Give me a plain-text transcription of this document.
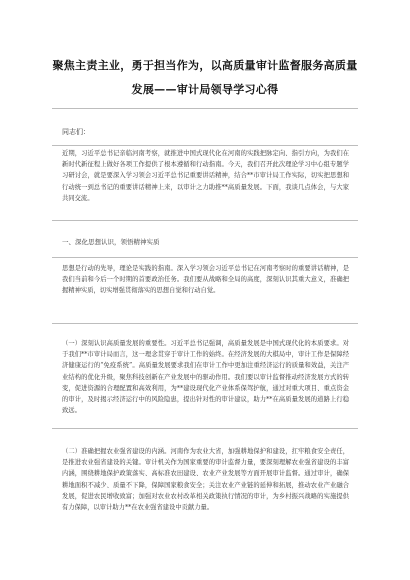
聚焦主责主业，勇于担当作为，以高质量审计监督服务高质量
发展——审计局领导学习心得
同志们：
近期，习近平总书记亲临河南考察，就推进中国式现代化在河南的实践把脉定向、指引方向，为我们在新时代新征程上做好各项工作提供了根本遵循和行动指南。今天，我们召开此次理论学习中心组专题学习研讨会，就是要深入学习领会习近平总书记重要讲话精神，结合**市审计局工作实际，切实把思想和行动统一到总书记的重要讲话精神上来，以审计之力助推**高质量发展。下面，我谈几点体会，与大家共同交流。
一、深化思想认识，领悟精神实质
思想是行动的先导，理论是实践的指南。深入学习领会习近平总书记在河南考察时的重要讲话精神，是我们当前和今后一个时期的首要政治任务。我们要从战略和全局的高度，深刻认识其重大意义，准确把握精神实质，切实增强贯彻落实的思想自觉和行动自觉。
（一）深刻认识高质量发展的重要性。习近平总书记强调，高质量发展是中国式现代化的本质要求。对于我们**市审计局而言，这一理念贯穿于审计工作的始终。在经济发展的大棋局中，审计工作是保障经济健康运行的“免疫系统”。高质量发展要求我们在审计工作中更加注重经济运行的质量和效益，关注产业结构的优化升级，聚焦科技创新在产业发展中的驱动作用。我们要以审计监督推动经济发展方式的转变，促进资源的合理配置和高效利用，为**建设现代化产业体系保驾护航，通过对重大项目、重点资金的审计，及时揭示经济运行中的风险隐患，提出针对性的审计建议，助力**在高质量发展的道路上行稳致远。
（二）准确把握农业强省建设的内涵。河南作为农业大省，加强耕地保护和建设，扛牢粮食安全责任，是推进农业强省建设的关键。审计机关作为国家重要的审计监督力量，要深刻理解农业强省建设的丰富内涵，围绕耕地保护政策落实、高标准农田建设、农业产业发展等方面开展审计监督。通过审计，确保耕地面积不减少、质量不下降，保障国家粮食安全；关注农业产业链的延伸和拓展，推动农业产业融合发展，促进农民增收致富；加强对农业农村改革相关政策执行情况的审计，为乡村振兴战略的实施提供有力保障，以审计助力**在农业强省建设中贡献力量。
